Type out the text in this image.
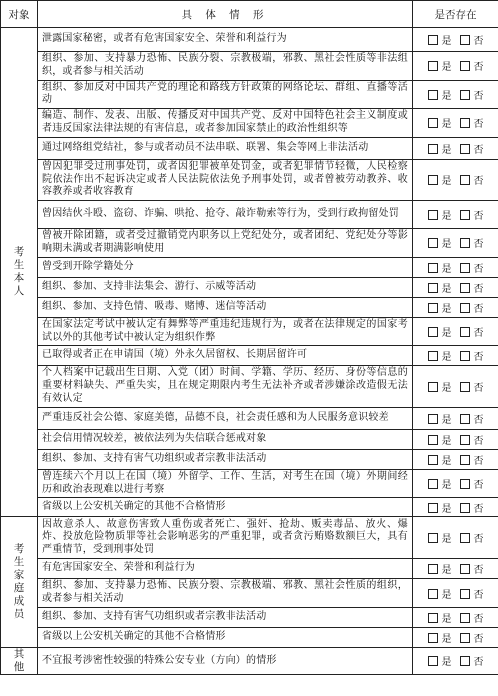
对象	具 体 情 形	是否存在
考生本人	泄露国家秘密，或者有危害国家安全、荣誉和利益行为	是 否
	组织、参加、支持暴力恐怖、民族分裂、宗教极端，邪教、黑社会性质等非法组织，或者参与相关活动	是 否
	组织、参加反对中国共产党的理论和路线方针政策的网络论坛、群组、直播等活动	是 否
	编造、制作、发表、出版、传播反对中国共产党、反对中国特色社会主义制度或者违反国家法律法规的有害信息，或者参加国家禁止的政治性组织等	是 否
	通过网络组党结社，参与或者动员不法串联、联署、集会等网上非法活动	是 否
	曾因犯罪受过刑事处罚，或者因犯罪被单处罚金，或者犯罪情节轻微，人民检察院依法作出不起诉决定或者人民法院依法免予刑事处罚，或者曾被劳动教养、收容教养或者收容教育	是 否
	曾因结伙斗殴、盗窃、诈骗、哄抢、抢夺、敲诈勒索等行为，受到行政拘留处罚	是 否
	曾被开除团籍，或者受过撤销党内职务以上党纪处分，或者团纪、党纪处分等影响期未满或者期满影响使用	是 否
	曾受到开除学籍处分	是 否
	组织、参加、支持非法集会、游行、示威等活动	是 否
	组织、参加、支持色情、吸毒、赌博、迷信等活动	是 否
	在国家法定考试中被认定有舞弊等严重违纪违规行为，或者在法律规定的国家考试以外的其他考试中被认定为组织作弊	是 否
	已取得或者正在申请国（境）外永久居留权、长期居留许可	是 否
	个人档案中记载出生日期、入党（团）时间、学籍、学历、经历、身份等信息的重要材料缺失、严重失实，且在规定期限内考生无法补齐或者涉嫌涂改造假无法有效认定	是 否
	严重违反社会公德、家庭美德，品德不良，社会责任感和为人民服务意识较差	是 否
	社会信用情况较差，被依法列为失信联合惩戒对象	是 否
	组织、参加、支持有害气功组织或者宗教非法活动	是 否
	曾连续六个月以上在国（境）外留学、工作、生活，对考生在国（境）外期间经历和政治表现难以进行考察	是 否
	省级以上公安机关确定的其他不合格情形	是 否
考生家庭成员	因故意杀人、故意伤害致人重伤或者死亡、强奸、抢劫、贩卖毒品、放火、爆炸、投放危险物质罪等社会影响恶劣的严重犯罪，或者贪污贿赂数额巨大，具有严重情节，受到刑事处罚	是 否
	有危害国家安全、荣誉和利益行为	是 否
	组织、参加、支持暴力恐怖、民族分裂、宗教极端、邪教、黑社会性质的组织，或者参与相关活动	是 否
	组织、参加、支持有害气功组织或者宗教非法活动	是 否
	省级以上公安机关确定的其他不合格情形	是 否
其他	不宜报考涉密性较强的特殊公安专业（方向）的情形	是 否
